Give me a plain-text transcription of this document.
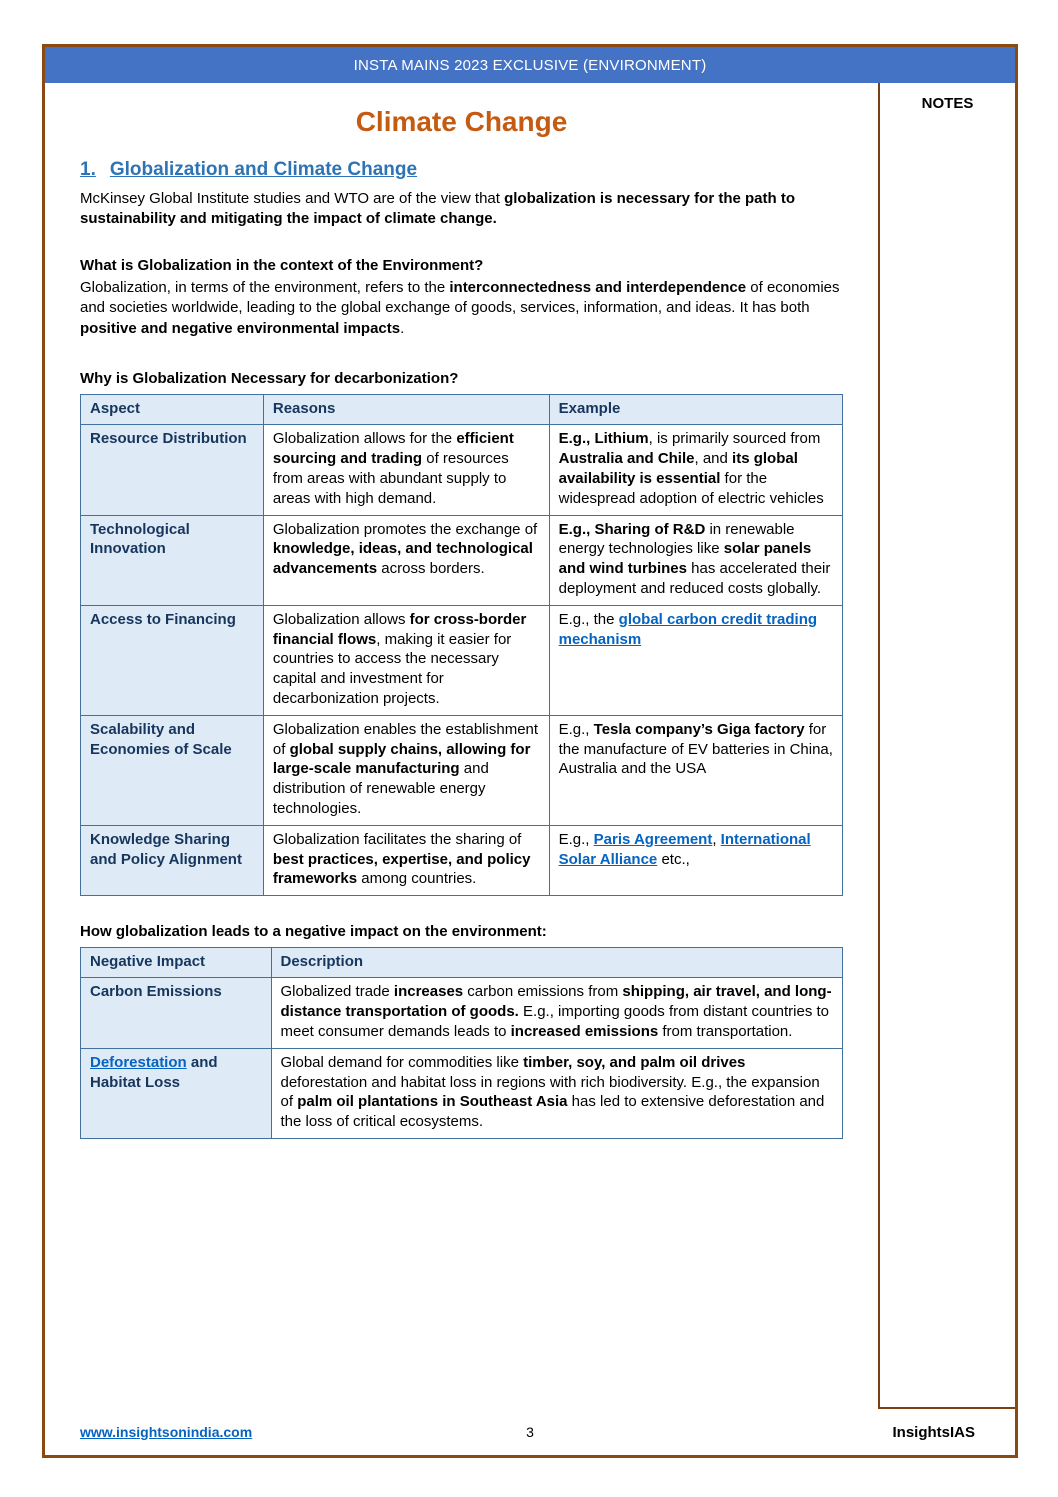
INSTA MAINS 2023 EXCLUSIVE (ENVIRONMENT)
Climate Change
1. Globalization and Climate Change

McKinsey Global Institute studies and WTO are of the view that globalization is necessary for the path to sustainability and mitigating the impact of climate change.

What is Globalization in the context of the Environment?

Globalization, in terms of the environment, refers to the interconnectedness and interdependence of economies and societies worldwide, leading to the global exchange of goods, services, information, and ideas. It has both positive and negative environmental impacts.

Why is Globalization Necessary for decarbonization?
Aspect	Reasons	Example
Resource Distribution	Globalization allows for the efficient sourcing and trading of resources from areas with abundant supply to areas with high demand.	E.g., Lithium, is primarily sourced from Australia and Chile, and its global availability is essential for the widespread adoption of electric vehicles
Technological Innovation	Globalization promotes the exchange of knowledge, ideas, and technological advancements across borders.	E.g., Sharing of R&D in renewable energy technologies like solar panels and wind turbines has accelerated their deployment and reduced costs globally.
Access to Financing	Globalization allows for cross-border financial flows, making it easier for countries to access the necessary capital and investment for decarbonization projects.	E.g., the global carbon credit trading mechanism
Scalability and Economies of Scale	Globalization enables the establishment of global supply chains, allowing for large-scale manufacturing and distribution of renewable energy technologies.	E.g., Tesla company’s Giga factory for the manufacture of EV batteries in China, Australia and the USA
Knowledge Sharing and Policy Alignment	Globalization facilitates the sharing of best practices, expertise, and policy frameworks among countries.	E.g., Paris Agreement, International Solar Alliance etc.,
How globalization leads to a negative impact on the environment:
Negative Impact	Description
Carbon Emissions	Globalized trade increases carbon emissions from shipping, air travel, and long-distance transportation of goods. E.g., importing goods from distant countries to meet consumer demands leads to increased emissions from transportation.
Deforestation and Habitat Loss	Global demand for commodities like timber, soy, and palm oil drives deforestation and habitat loss in regions with rich biodiversity. E.g., the expansion of palm oil plantations in Southeast Asia has led to extensive deforestation and the loss of critical ecosystems.
NOTES
www.insightsonindia.com	3	InsightsIAS
